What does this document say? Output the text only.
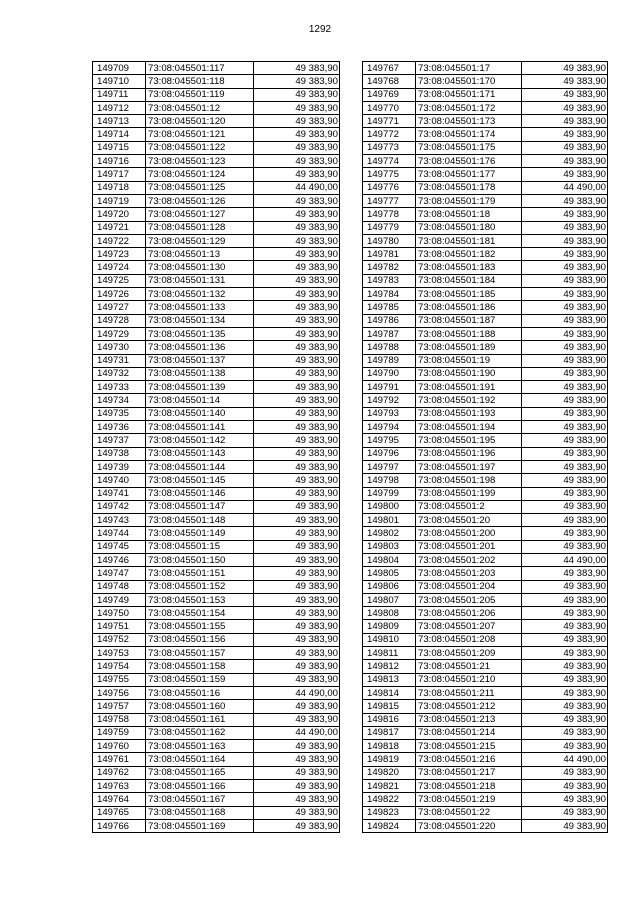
1292
149709	73:08:045501:117	49 383,90
149710	73:08:045501:118	49 383,90
149711	73:08:045501:119	49 383,90
149712	73:08:045501:12	49 383,90
149713	73:08:045501:120	49 383,90
149714	73:08:045501:121	49 383,90
149715	73:08:045501:122	49 383,90
149716	73:08:045501:123	49 383,90
149717	73:08:045501:124	49 383,90
149718	73:08:045501:125	44 490,00
149719	73:08:045501:126	49 383,90
149720	73:08:045501:127	49 383,90
149721	73:08:045501:128	49 383,90
149722	73:08:045501:129	49 383,90
149723	73:08:045501:13	49 383,90
149724	73:08:045501:130	49 383,90
149725	73:08:045501:131	49 383,90
149726	73:08:045501:132	49 383,90
149727	73:08:045501:133	49 383,90
149728	73:08:045501:134	49 383,90
149729	73:08:045501:135	49 383,90
149730	73:08:045501:136	49 383,90
149731	73:08:045501:137	49 383,90
149732	73:08:045501:138	49 383,90
149733	73:08:045501:139	49 383,90
149734	73:08:045501:14	49 383,90
149735	73:08:045501:140	49 383,90
149736	73:08:045501:141	49 383,90
149737	73:08:045501:142	49 383,90
149738	73:08:045501:143	49 383,90
149739	73:08:045501:144	49 383,90
149740	73:08:045501:145	49 383,90
149741	73:08:045501:146	49 383,90
149742	73:08:045501:147	49 383,90
149743	73:08:045501:148	49 383,90
149744	73:08:045501:149	49 383,90
149745	73:08:045501:15	49 383,90
149746	73:08:045501:150	49 383,90
149747	73:08:045501:151	49 383,90
149748	73:08:045501:152	49 383,90
149749	73:08:045501:153	49 383,90
149750	73:08:045501:154	49 383,90
149751	73:08:045501:155	49 383,90
149752	73:08:045501:156	49 383,90
149753	73:08:045501:157	49 383,90
149754	73:08:045501:158	49 383,90
149755	73:08:045501:159	49 383,90
149756	73:08:045501:16	44 490,00
149757	73:08:045501:160	49 383,90
149758	73:08:045501:161	49 383,90
149759	73:08:045501:162	44 490,00
149760	73:08:045501:163	49 383,90
149761	73:08:045501:164	49 383,90
149762	73:08:045501:165	49 383,90
149763	73:08:045501:166	49 383,90
149764	73:08:045501:167	49 383,90
149765	73:08:045501:168	49 383,90
149766	73:08:045501:169	49 383,90
149767	73:08:045501:17	49 383,90
149768	73:08:045501:170	49 383,90
149769	73:08:045501:171	49 383,90
149770	73:08:045501:172	49 383,90
149771	73:08:045501:173	49 383,90
149772	73:08:045501:174	49 383,90
149773	73:08:045501:175	49 383,90
149774	73:08:045501:176	49 383,90
149775	73:08:045501:177	49 383,90
149776	73:08:045501:178	44 490,00
149777	73:08:045501:179	49 383,90
149778	73:08:045501:18	49 383,90
149779	73:08:045501:180	49 383,90
149780	73:08:045501:181	49 383,90
149781	73:08:045501:182	49 383,90
149782	73:08:045501:183	49 383,90
149783	73:08:045501:184	49 383,90
149784	73:08:045501:185	49 383,90
149785	73:08:045501:186	49 383,90
149786	73:08:045501:187	49 383,90
149787	73:08:045501:188	49 383,90
149788	73:08:045501:189	49 383,90
149789	73:08:045501:19	49 383,90
149790	73:08:045501:190	49 383,90
149791	73:08:045501:191	49 383,90
149792	73:08:045501:192	49 383,90
149793	73:08:045501:193	49 383,90
149794	73:08:045501:194	49 383,90
149795	73:08:045501:195	49 383,90
149796	73:08:045501:196	49 383,90
149797	73:08:045501:197	49 383,90
149798	73:08:045501:198	49 383,90
149799	73:08:045501:199	49 383,90
149800	73:08:045501:2	49 383,90
149801	73:08:045501:20	49 383,90
149802	73:08:045501:200	49 383,90
149803	73:08:045501:201	49 383,90
149804	73:08:045501:202	44 490,00
149805	73:08:045501:203	49 383,90
149806	73:08:045501:204	49 383,90
149807	73:08:045501:205	49 383,90
149808	73:08:045501:206	49 383,90
149809	73:08:045501:207	49 383,90
149810	73:08:045501:208	49 383,90
149811	73:08:045501:209	49 383,90
149812	73:08:045501:21	49 383,90
149813	73:08:045501:210	49 383,90
149814	73:08:045501:211	49 383,90
149815	73:08:045501:212	49 383,90
149816	73:08:045501:213	49 383,90
149817	73:08:045501:214	49 383,90
149818	73:08:045501:215	49 383,90
149819	73:08:045501:216	44 490,00
149820	73:08:045501:217	49 383,90
149821	73:08:045501:218	49 383,90
149822	73:08:045501:219	49 383,90
149823	73:08:045501:22	49 383,90
149824	73:08:045501:220	49 383,90
